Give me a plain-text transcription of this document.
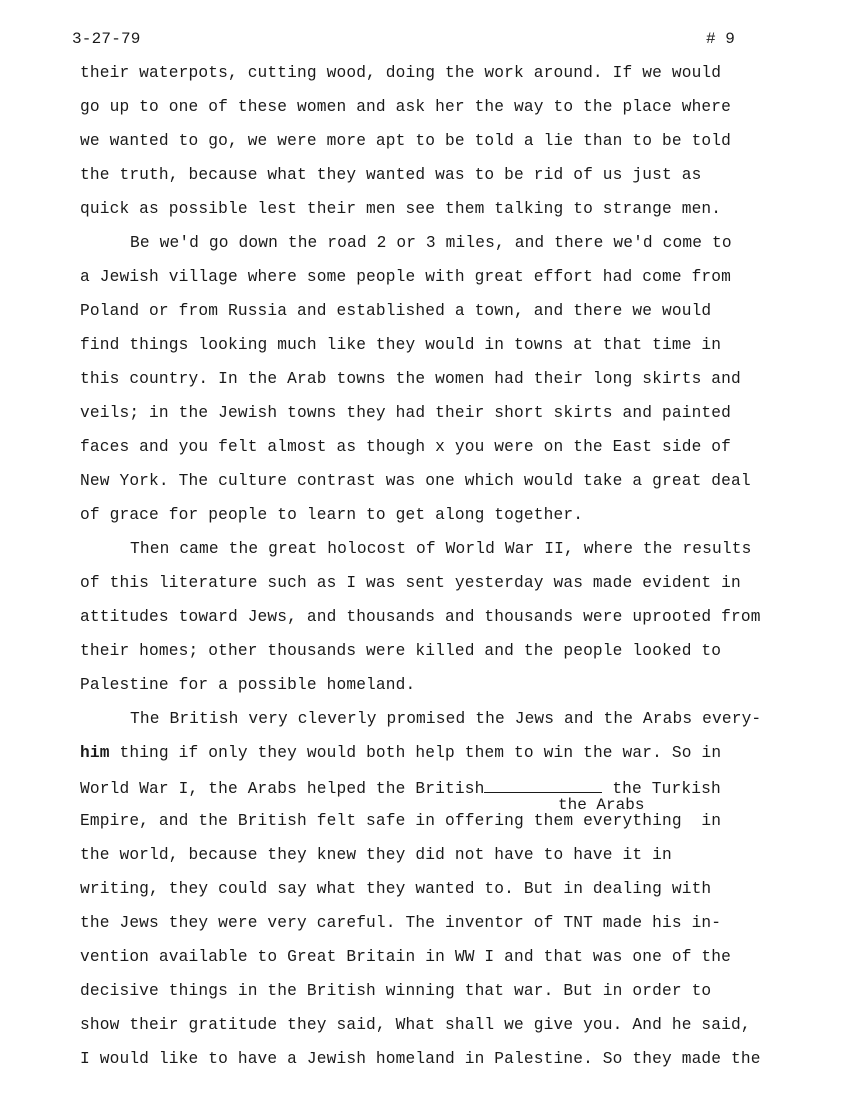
3-27-79	# 9
their waterpots, cutting wood, doing the work around. If we would
go up to one of these women and ask her the way to the place where
we wanted to go, we were more apt to be told a lie than to be told
the truth, because what they wanted was to be rid of us just as
quick as possible lest their men see them talking to strange men.
Be we'd go down the road 2 or 3 miles, and there we'd come to
a Jewish village where some people with great effort had come from
Poland or from Russia and established a town, and there we would
find things looking much like they would in towns at that time in
this country. In the Arab towns the women had their long skirts and
veils; in the Jewish towns they had their short skirts and painted
faces and you felt almost as though x you were on the East side of
New York. The culture contrast was one which would take a great deal
of grace for people to learn to get along together.
Then came the great holocost of World War II, where the results
of this literature such as I was sent yesterday was made evident in
attitudes toward Jews, and thousands and thousands were uprooted from
their homes; other thousands were killed and the people looked to
Palestine for a possible homeland.
The British very cleverly promised the Jews and the Arabs every-
him thing if only they would both help them to win the war. So in
World War I, the Arabs helped the British	the Turkish
the Arabs
Empire, and the British felt safe in offering them everything  in
the world, because they knew they did not have to have it in
writing, they could say what they wanted to. But in dealing with
the Jews they were very careful. The inventor of TNT made his in-
vention available to Great Britain in WW I and that was one of the
decisive things in the British winning that war. But in order to
show their gratitude they said, What shall we give you. And he said,
I would like to have a Jewish homeland in Palestine. So they made the
